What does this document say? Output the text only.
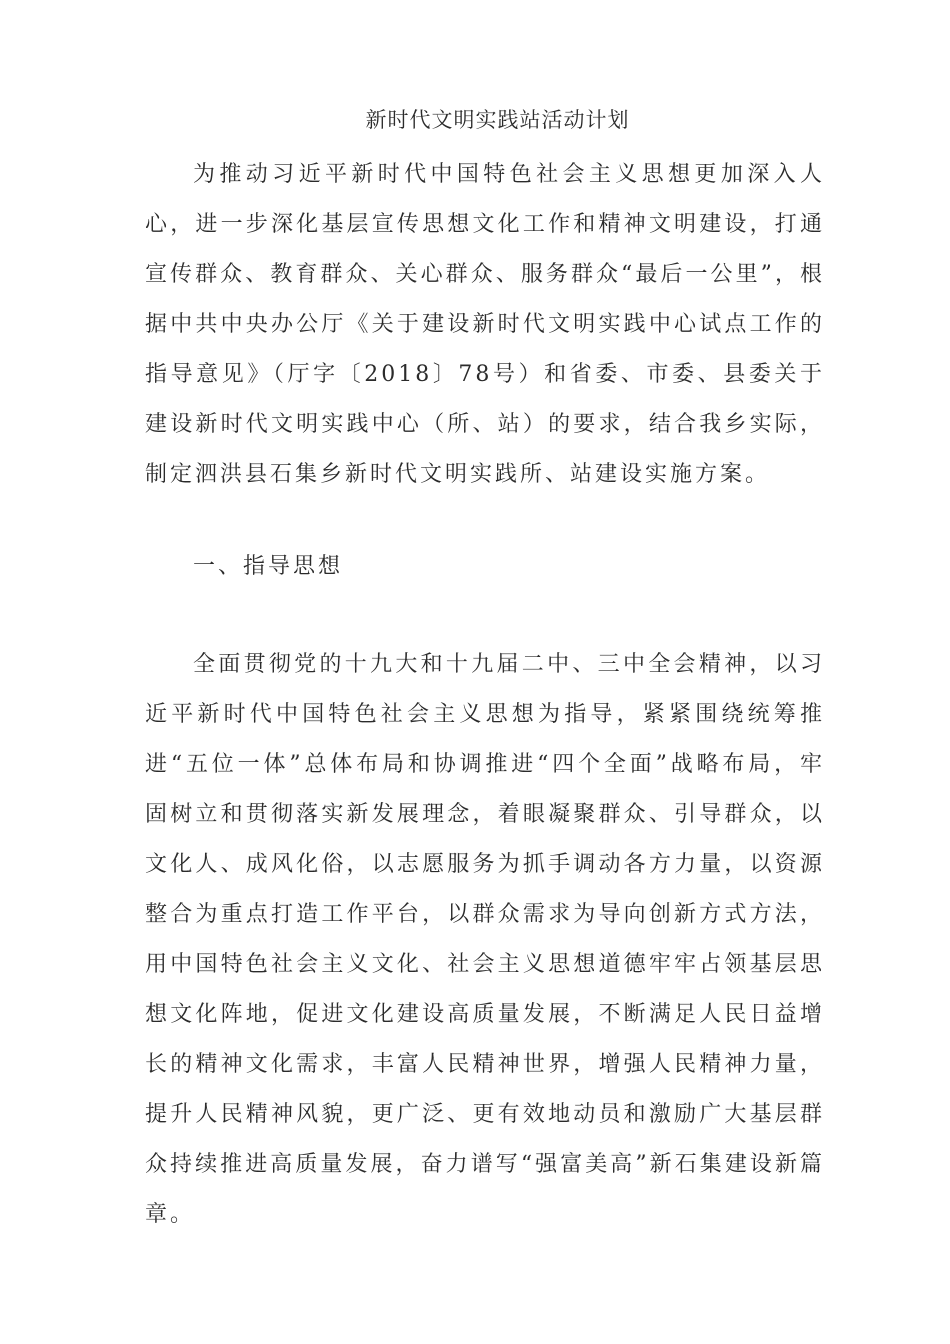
新时代文明实践站活动计划

为推动习近平新时代中国特色社会主义思想更加深入人心，进一步深化基层宣传思想文化工作和精神文明建设，打通宣传群众、教育群众、关心群众、服务群众“最后一公里”，根据中共中央办公厅《关于建设新时代文明实践中心试点工作的指导意见》（厅字〔2018〕78号）和省委、市委、县委关于建设新时代文明实践中心（所、站）的要求，结合我乡实际，制定泗洪县石集乡新时代文明实践所、站建设实施方案。

一、指导思想

全面贯彻党的十九大和十九届二中、三中全会精神，以习近平新时代中国特色社会主义思想为指导，紧紧围绕统筹推进“五位一体”总体布局和协调推进“四个全面”战略布局，牢固树立和贯彻落实新发展理念，着眼凝聚群众、引导群众，以文化人、成风化俗，以志愿服务为抓手调动各方力量，以资源整合为重点打造工作平台，以群众需求为导向创新方式方法，用中国特色社会主义文化、社会主义思想道德牢牢占领基层思想文化阵地，促进文化建设高质量发展，不断满足人民日益增长的精神文化需求，丰富人民精神世界，增强人民精神力量，提升人民精神风貌，更广泛、更有效地动员和激励广大基层群众持续推进高质量发展，奋力谱写“强富美高”新石集建设新篇章。
